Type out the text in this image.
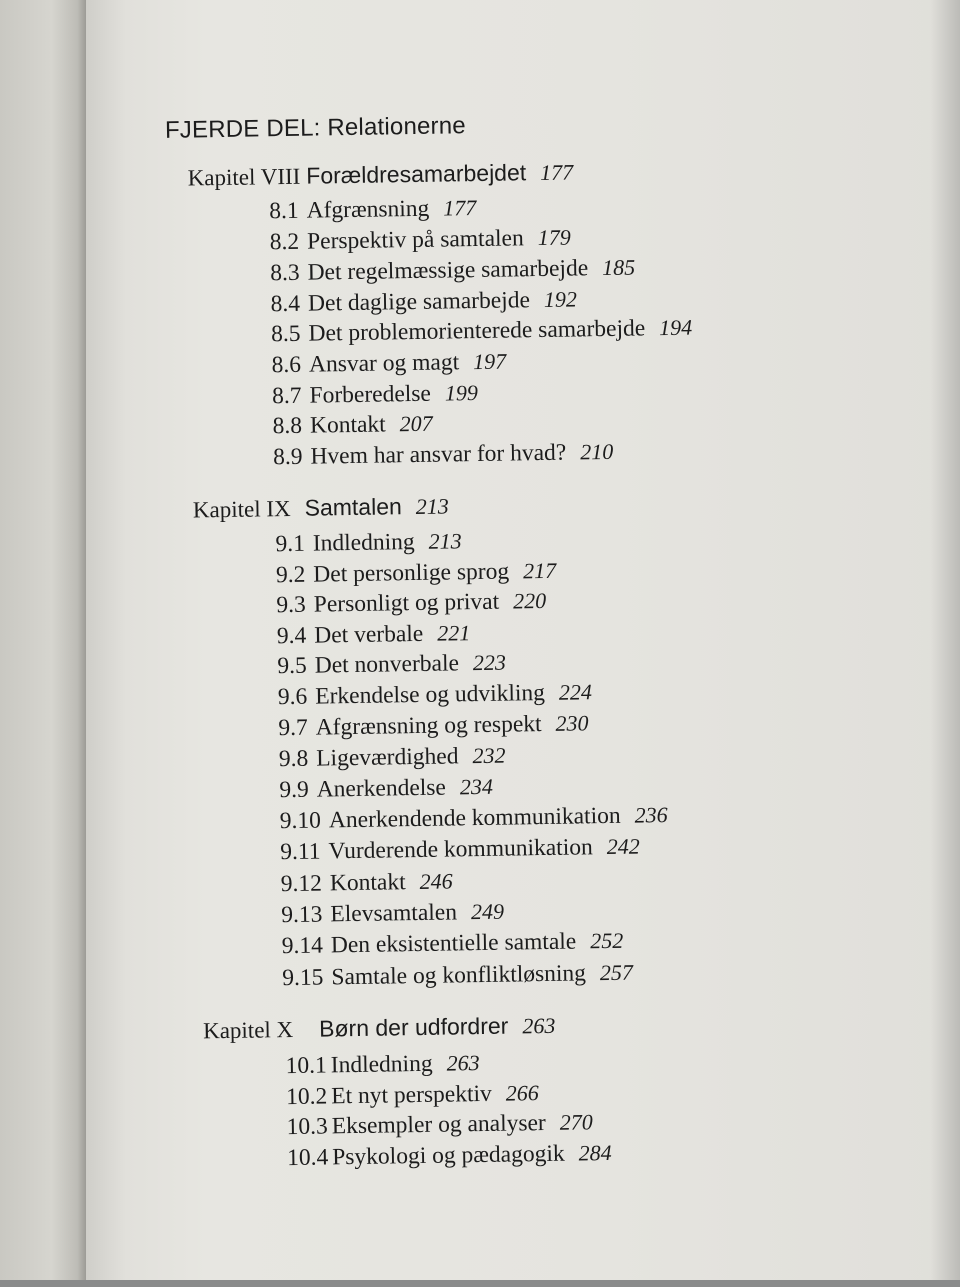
FJERDE DEL: Relationerne
Kapitel VIII Forældresamarbejdet 177
8.1 Afgrænsning 177
8.2 Perspektiv på samtalen 179
8.3 Det regelmæssige samarbejde 185
8.4 Det daglige samarbejde 192
8.5 Det problemorienterede samarbejde 194
8.6 Ansvar og magt 197
8.7 Forberedelse 199
8.8 Kontakt 207
8.9 Hvem har ansvar for hvad? 210
Kapitel IX Samtalen 213
9.1 Indledning 213
9.2 Det personlige sprog 217
9.3 Personligt og privat 220
9.4 Det verbale 221
9.5 Det nonverbale 223
9.6 Erkendelse og udvikling 224
9.7 Afgrænsning og respekt 230
9.8 Ligeværdighed 232
9.9 Anerkendelse 234
9.10 Anerkendende kommunikation 236
9.11 Vurderende kommunikation 242
9.12 Kontakt 246
9.13 Elevsamtalen 249
9.14 Den eksistentielle samtale 252
9.15 Samtale og konfliktløsning 257
Kapitel X Børn der udfordrer 263
10.1 Indledning 263
10.2 Et nyt perspektiv 266
10.3 Eksempler og analyser 270
10.4 Psykologi og pædagogik 284
